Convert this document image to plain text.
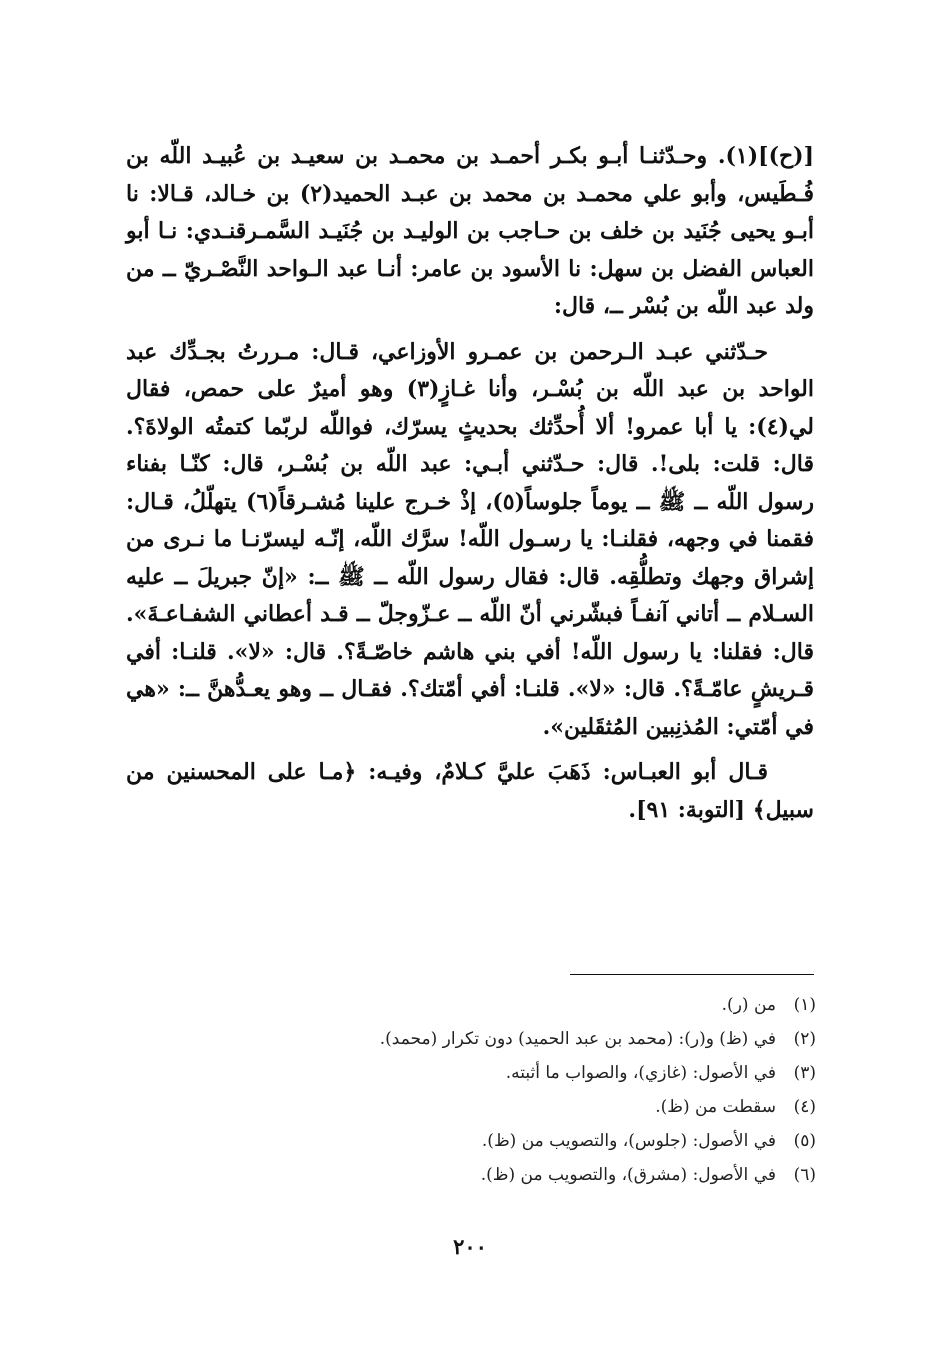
[(ح)](١). وحـدّثنـا أبـو بكـر أحمـد بن محمـد بن سعيـد بن عُبيـد اللّه بن فُـطَيس، وأبو علي محمـد بن محمد بن عبـد الحميد(٢) بن خـالد، قـالا: نا أبـو يحيى جُنَيد بن خلف بن حـاجب بن الوليـد بن جُنَيـد السَّمـرقنـدي: نـا أبو العباس الفضل بن سهل: نا الأسود بن عامر: أنـا عبد الـواحد النَّصْـريّ ــ من ولد عبد اللّه بن بُسْر ــ، قال:

حـدّثني عبـد الـرحمن بن عمـرو الأوزاعي، قـال: مـررتُ بجـدِّك عبد الواحد بن عبد اللّه بن بُسْـر، وأنا غـازٍ(٣) وهو أميرٌ على حمص، فقال لي(٤): يا أبا عمرو! ألا أُحدِّثك بحديثٍ يسرّك، فواللّه لربّما كتمتُه الولاةَ؟. قال: قلت: بلى!. قال: حـدّثني أبـي: عبد اللّه بن بُسْـر، قال: كنّـا بفناء رسول اللّه ــ ﷺ ــ يوماً جلوساً(٥)، إذْ خـرج علينا مُشـرقاً(٦) يتهلّلُ، قـال: فقمنا في وجهه، فقلنـا: يا رسـول اللّه! سرَّك اللّه، إنّـه ليسرّنـا ما نـرى من إشراق وجهك وتطلُّقِه. قال: فقال رسول اللّه ــ ﷺ ــ: «إنّ جبريلَ ــ عليه السـلام ــ أتاني آنفـاً فبشّرني أنّ اللّه ــ عـزّوجلّ ــ قـد أعطاني الشفـاعـةَ». قال: فقلنا: يا رسول اللّه! أفي بني هاشم خاصّـةً؟. قال: «لا». قلنـا: أفي قـريشٍ عامّـةً؟. قال: «لا». قلنـا: أفي أمّتك؟. فقـال ــ وهو يعـدُّهنَّ ــ: «هي في أمّتي: المُذنِبين المُثقَلين».

قـال أبو العبـاس: ذَهَبَ عليَّ كـلامٌ، وفيـه: ﴿مـا على المحسنين من سبيل﴾ [التوبة: ٩١].

(١)من (ر).
(٢)في (ظ) و(ر): (محمد بن عبد الحميد) دون تكرار (محمد).
(٣)في الأصول: (غازي)، والصواب ما أثبته.
(٤)سقطت من (ظ).
(٥)في الأصول: (جلوس)، والتصويب من (ظ).
(٦)في الأصول: (مشرق)، والتصويب من (ظ).
٢٠٠
